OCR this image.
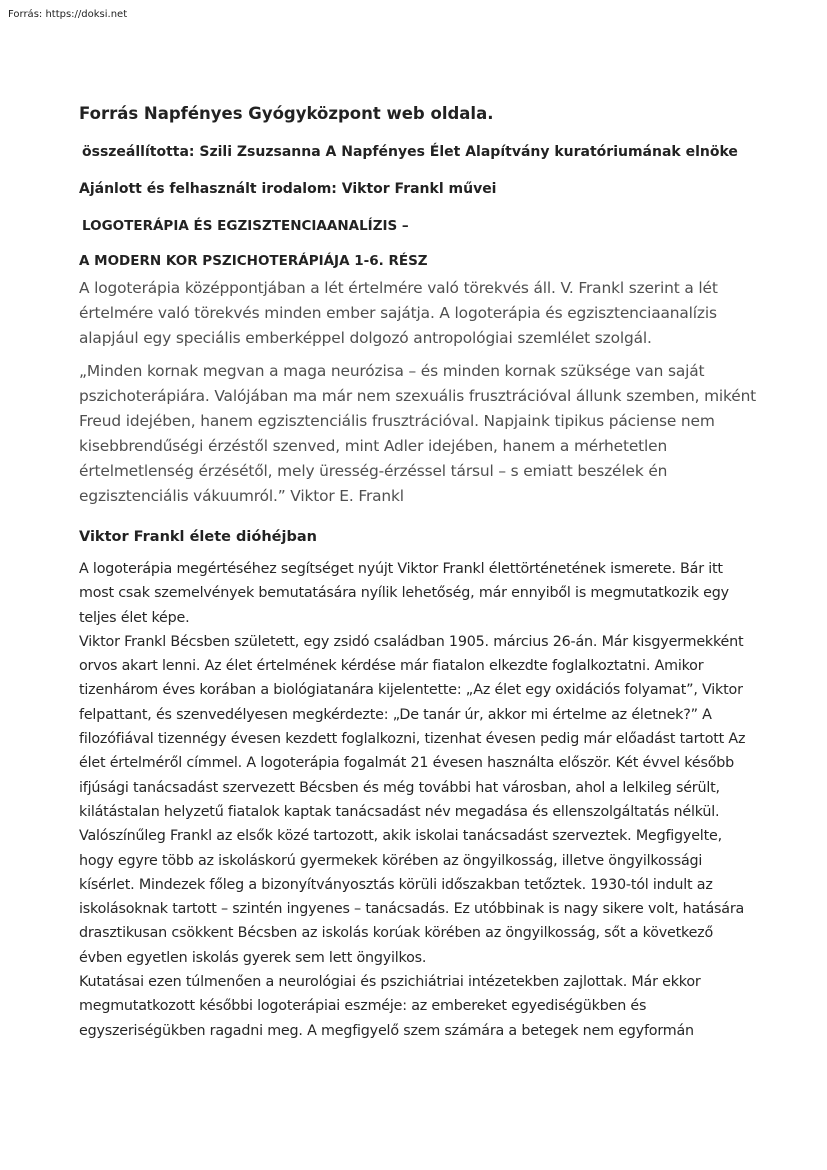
Forrás: https://doksi.net
Forrás Napfényes Gyógyközpont web oldala.

összeállította: Szili Zsuzsanna A Napfényes Élet Alapítvány kuratóriumának elnöke

Ajánlott és felhasznált irodalom: Viktor Frankl művei

LOGOTERÁPIA ÉS EGZISZTENCIAANALÍZIS –

A MODERN KOR PSZICHOTERÁPIÁJA 1-6. RÉSZ

A logoterápia középpontjában a lét értelmére való törekvés áll. V. Frankl szerint a lét értelmére való törekvés minden ember sajátja. A logoterápia és egzisztenciaanalízis alapjául egy speciális emberképpel dolgozó antropológiai szemlélet szolgál.

„Minden kornak megvan a maga neurózisa – és minden kornak szüksége van saját pszichoterápiára. Valójában ma már nem szexuális frusztrációval állunk szemben, miként Freud idejében, hanem egzisztenciális frusztrációval. Napjaink tipikus páciense nem kisebbrendűségi érzéstől szenved, mint Adler idejében, hanem a mérhetetlen értelmetlenség érzésétől, mely üresség-érzéssel társul – s emiatt beszélek én egzisztenciális vákuumról.” Viktor E. Frankl

Viktor Frankl élete dióhéjban

A logoterápia megértéséhez segítséget nyújt Viktor Frankl élettörténetének ismerete. Bár itt most csak szemelvények bemutatására nyílik lehetőség, már ennyiből is megmutatkozik egy teljes élet képe.

Viktor Frankl Bécsben született, egy zsidó családban 1905. március 26-án. Már kisgyermekként orvos akart lenni. Az élet értelmének kérdése már fiatalon elkezdte foglalkoztatni. Amikor tizenhárom éves korában a biológiatanára kijelentette: „Az élet egy oxidációs folyamat”, Viktor felpattant, és szenvedélyesen megkérdezte: „De tanár úr, akkor mi értelme az életnek?” A filozófiával tizennégy évesen kezdett foglalkozni, tizenhat évesen pedig már előadást tartott Az élet értelméről címmel. A logoterápia fogalmát 21 évesen használta először. Két évvel később ifjúsági tanácsadást szervezett Bécsben és még további hat városban, ahol a lelkileg sérült, kilátástalan helyzetű fiatalok kaptak tanácsadást név megadása és ellenszolgáltatás nélkül. Valószínűleg Frankl az elsők közé tartozott, akik iskolai tanácsadást szerveztek. Megfigyelte, hogy egyre több az iskoláskorú gyermekek körében az öngyilkosság, illetve öngyilkossági kísérlet. Mindezek főleg a bizonyítványosztás körüli időszakban tetőztek. 1930-tól indult az iskolásoknak tartott – szintén ingyenes – tanácsadás. Ez utóbbinak is nagy sikere volt, hatására drasztikusan csökkent Bécsben az iskolás korúak körében az öngyilkosság, sőt a következő évben egyetlen iskolás gyerek sem lett öngyilkos.

Kutatásai ezen túlmenően a neurológiai és pszichiátriai intézetekben zajlottak. Már ekkor megmutatkozott későbbi logoterápiai eszméje: az embereket egyediségükben és egyszeriségükben ragadni meg. A megfigyelő szem számára a betegek nem egyformán
